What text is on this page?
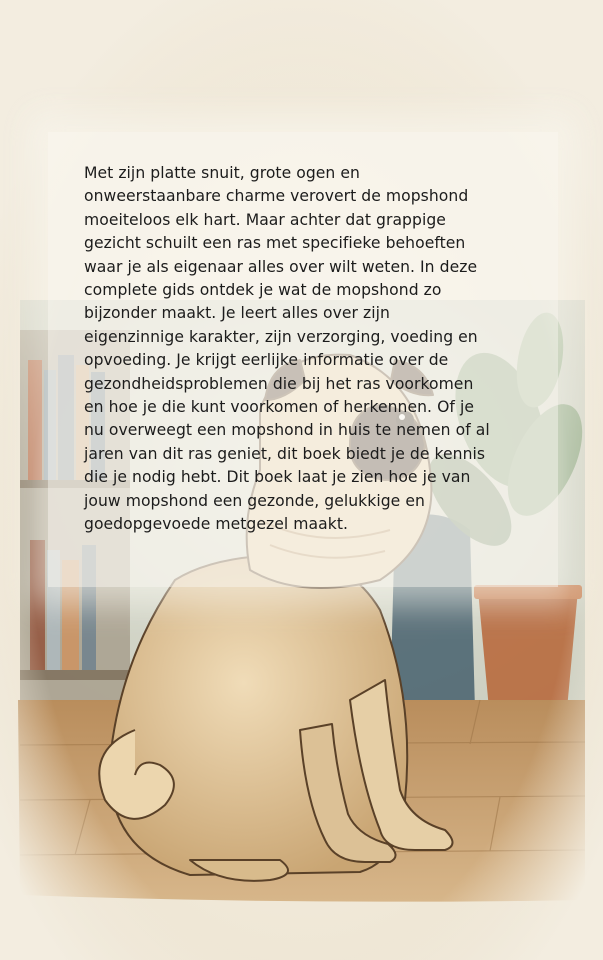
Met zijn platte snuit, grote ogen en
onweerstaanbare charme verovert de mopshond
moeiteloos elk hart. Maar achter dat grappige
gezicht schuilt een ras met specifieke behoeften
waar je als eigenaar alles over wilt weten. In deze
complete gids ontdek je wat de mopshond zo
bijzonder maakt. Je leert alles over zijn
eigenzinnige karakter, zijn verzorging, voeding en
opvoeding. Je krijgt eerlijke informatie over de
gezondheidsproblemen die bij het ras voorkomen
en hoe je die kunt voorkomen of herkennen. Of je
nu overweegt een mopshond in huis te nemen of al
jaren van dit ras geniet, dit boek biedt je de kennis
die je nodig hebt. Dit boek laat je zien hoe je van
jouw mopshond een gezonde, gelukkige en
goedopgevoede metgezel maakt.
